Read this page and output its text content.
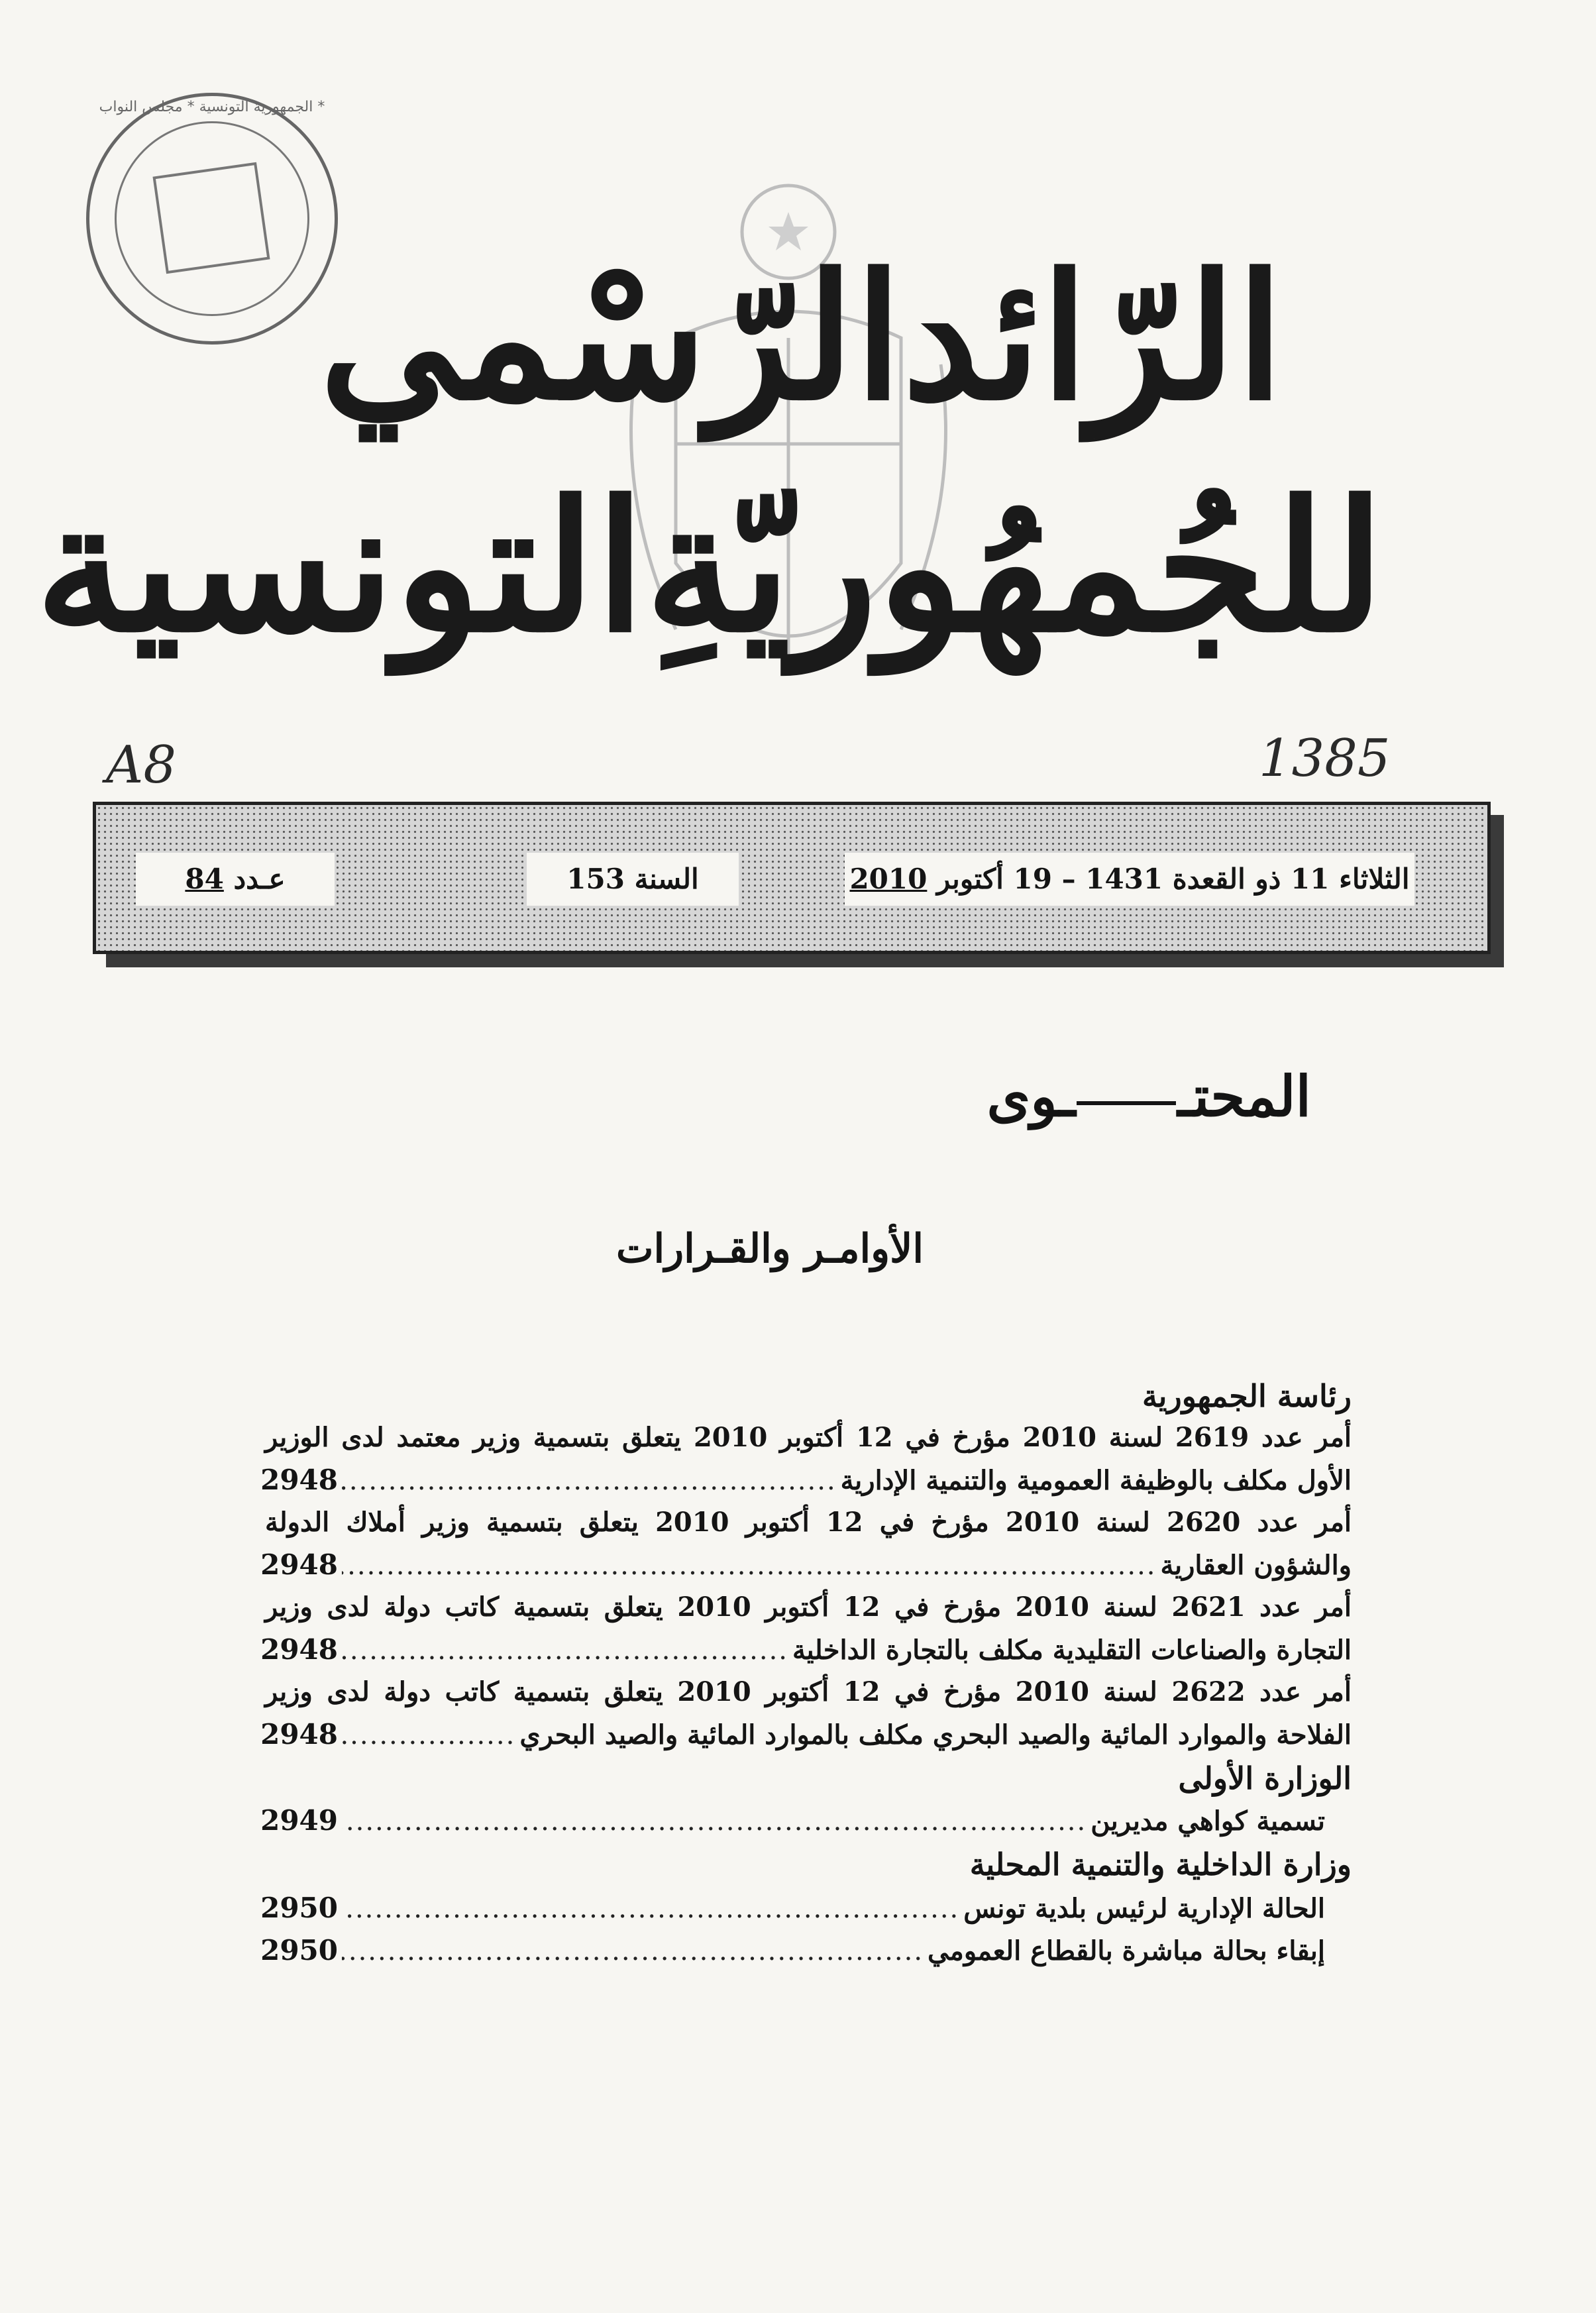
الجمهورية التونسية * مجلس النواب *
الرّائدالرّسْمي
للجُمهُوريّةِالتونسية
A8	1385
الثلاثاء 11 ذو القعدة 1431 – 19 أكتوبر 2010
السنة 153
عـدد 84
المحتــوى
الأوامـر والقـرارات
رئاسة الجمهورية
أمر عدد 2619 لسنة 2010 مؤرخ في 12 أكتوبر 2010 يتعلق بتسمية وزير معتمد لدى الوزير
الأول مكلف بالوظيفة العمومية والتنمية الإدارية
.....
2948
أمر عدد 2620 لسنة 2010 مؤرخ في 12 أكتوبر 2010 يتعلق بتسمية وزير أملاك الدولة
والشؤون العقارية
.....
2948
أمر عدد 2621 لسنة 2010 مؤرخ في 12 أكتوبر 2010 يتعلق بتسمية كاتب دولة لدى وزير
التجارة والصناعات التقليدية مكلف بالتجارة الداخلية
.....
2948
أمر عدد 2622 لسنة 2010 مؤرخ في 12 أكتوبر 2010 يتعلق بتسمية كاتب دولة لدى وزير
الفلاحة والموارد المائية والصيد البحري مكلف بالموارد المائية والصيد البحري
.....
2948
الوزارة الأولى
تسمية كواهي مديرين
.....
2949
وزارة الداخلية والتنمية المحلية
الحالة الإدارية لرئيس بلدية تونس
.....
2950
إبقاء بحالة مباشرة بالقطاع العمومي
.....
2950
